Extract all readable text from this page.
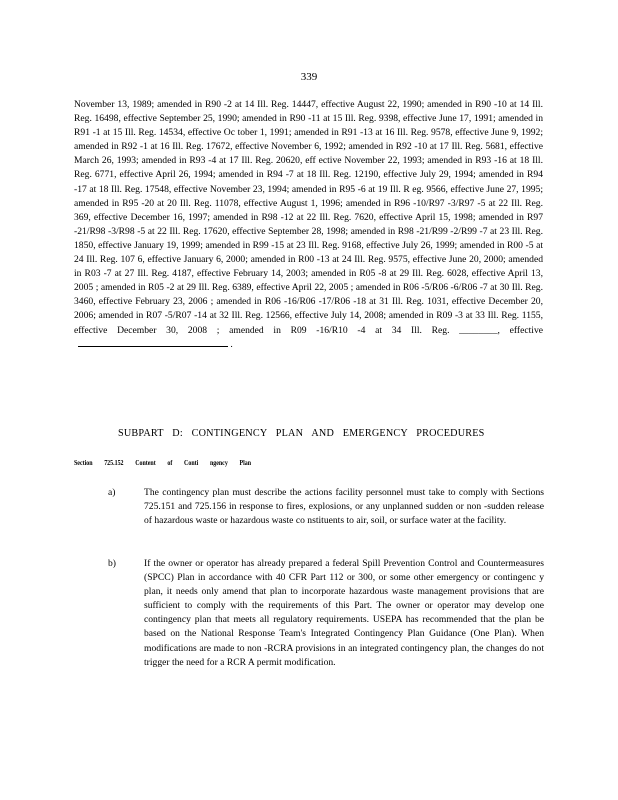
339
November 13, 1989; amended in R90 -2 at 14 Ill. Reg. 14447, effective August 22, 1990; amended in R90 -10 at 14 Ill. Reg. 16498, effective September 25, 1990; amended in R90 -11 at 15 Ill. Reg. 9398, effective June 17, 1991; amended in R91 -1 at 15 Ill. Reg. 14534, effective Oc tober 1, 1991; amended in R91 -13 at 16 Ill. Reg. 9578, effective June 9, 1992; amended in R92 -1 at 16 Ill. Reg. 17672, effective November 6, 1992; amended in R92 -10 at 17 Ill. Reg. 5681, effective March 26, 1993; amended in R93 -4 at 17 Ill. Reg. 20620, eff ective November 22, 1993; amended in R93 -16 at 18 Ill. Reg. 6771, effective April 26, 1994; amended in R94 -7 at 18 Ill. Reg. 12190, effective July 29, 1994; amended in R94 -17 at 18 Ill. Reg. 17548, effective November 23, 1994; amended in R95 -6 at 19 Ill. R eg. 9566, effective June 27, 1995; amended in R95 -20 at 20 Ill. Reg. 11078, effective August 1, 1996; amended in R96 -10/R97 -3/R97 -5 at 22 Ill. Reg. 369, effective December 16, 1997; amended in R98 -12 at 22 Ill. Reg. 7620, effective April 15, 1998; amended in R97 -21/R98 -3/R98 -5 at 22 Ill. Reg. 17620, effective September 28, 1998; amended in R98 -21/R99 -2/R99 -7 at 23 Ill. Reg. 1850, effective January 19, 1999; amended in R99 -15 at 23 Ill. Reg. 9168, effective July 26, 1999; amended in R00 -5 at 24 Ill. Reg. 107 6, effective January 6, 2000; amended in R00 -13 at 24 Ill. Reg. 9575, effective June 20, 2000; amended in R03 -7 at 27 Ill. Reg. 4187, effective February 14, 2003; amended in R05 -8 at 29 Ill. Reg. 6028, effective April 13, 2005 ; amended in R05 -2 at 29 Ill. Reg. 6389, effective April 22, 2005 ; amended in R06 -5/R06 -6/R06 -7 at 30 Ill. Reg. 3460, effective February 23, 2006 ; amended in R06 -16/R06 -17/R06 -18 at 31 Ill. Reg. 1031, effective December 20, 2006; amended in R07 -5/R07 -14 at 32 Ill. Reg. 12566, effective July 14, 2008; amended in R09 -3 at 33 Ill. Reg. 1155, effective December 30, 2008 ; amended in R09 -16/R10 -4 at 34 Ill. Reg. ________, effective .
SUBPART D: CONTINGENCY PLAN AND EMERGENCY PROCEDURES
Section 725.152 Content of Conti ngency Plan
a)	The contingency plan must describe the actions facility personnel must take to comply with Sections 725.151 and 725.156 in response to fires, explosions, or any unplanned sudden or non -sudden release of hazardous waste or hazardous waste co nstituents to air, soil, or surface water at the facility.
b)	If the owner or operator has already prepared a federal Spill Prevention Control and Countermeasures (SPCC) Plan in accordance with 40 CFR Part 112 or 300, or some other emergency or contingenc y plan, it needs only amend that plan to incorporate hazardous waste management provisions that are sufficient to comply with the requirements of this Part. The owner or operator may develop one contingency plan that meets all regulatory requirements. USEPA has recommended that the plan be based on the National Response Team's Integrated Contingency Plan Guidance (One Plan). When modifications are made to non -RCRA provisions in an integrated contingency plan, the changes do not trigger the need for a RCR A permit modification.
